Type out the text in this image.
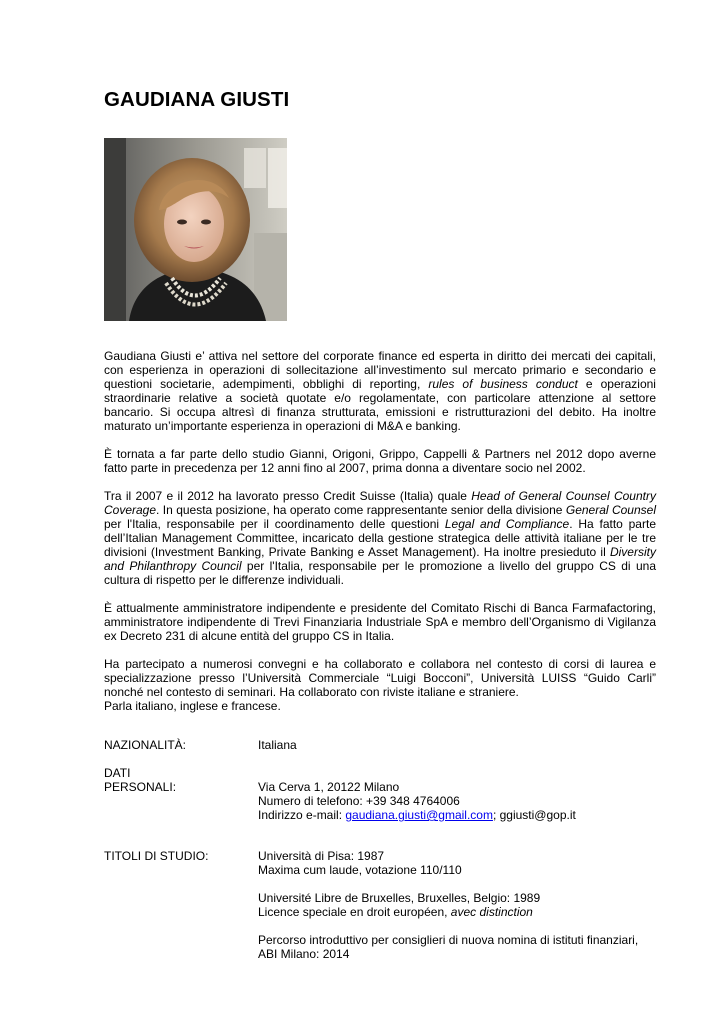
GAUDIANA GIUSTI

Gaudiana Giusti e’ attiva nel settore del corporate finance ed esperta in diritto dei mercati dei capitali, con esperienza in operazioni di sollecitazione all’investimento sul mercato primario e secondario e questioni societarie, adempimenti, obblighi di reporting, rules of business conduct e operazioni straordinarie relative a società quotate e/o regolamentate, con particolare attenzione al settore bancario. Si occupa altresì di finanza strutturata, emissioni e ristrutturazioni del debito. Ha inoltre maturato un’importante esperienza in operazioni di M&A e banking.

È tornata a far parte dello studio Gianni, Origoni, Grippo, Cappelli & Partners nel 2012 dopo averne fatto parte in precedenza per 12 anni fino al 2007, prima donna a diventare socio nel 2002.

Tra il 2007 e il 2012 ha lavorato presso Credit Suisse (Italia) quale Head of General Counsel Country Coverage. In questa posizione, ha operato come rappresentante senior della divisione General Counsel per l'Italia, responsabile per il coordinamento delle questioni Legal and Compliance. Ha fatto parte dell’Italian Management Committee, incaricato della gestione strategica delle attività italiane per le tre divisioni (Investment Banking, Private Banking e Asset Management). Ha inoltre presieduto il Diversity and Philanthropy Council per l'Italia, responsabile per le promozione a livello del gruppo CS di una cultura di rispetto per le differenze individuali.

È attualmente amministratore indipendente e presidente del Comitato Rischi di Banca Farmafactoring, amministratore indipendente di Trevi Finanziaria Industriale SpA e membro dell’Organismo di Vigilanza ex Decreto 231 di alcune entità del gruppo CS in Italia.

Ha partecipato a numerosi convegni e ha collaborato e collabora nel contesto di corsi di laurea e specializzazione presso l’Università Commerciale “Luigi Bocconi”, Università LUISS “Guido Carli” nonché nel contesto di seminari. Ha collaborato con riviste italiane e straniere.

Parla italiano, inglese e francese.

NAZIONALITÀ:	Italiana
DATI
PERSONALI:	Via Cerva 1, 20122 Milano
Numero di telefono: +39 348 4764006
Indirizzo e-mail: gaudiana.giusti@gmail.com; ggiusti@gop.it
TITOLI DI STUDIO:	Università di Pisa: 1987
Maxima cum laude, votazione 110/110
Université Libre de Bruxelles, Bruxelles, Belgio: 1989
Licence speciale en droit européen, avec distinction
Percorso introduttivo per consiglieri di nuova nomina di istituti finanziari,
ABI Milano: 2014
